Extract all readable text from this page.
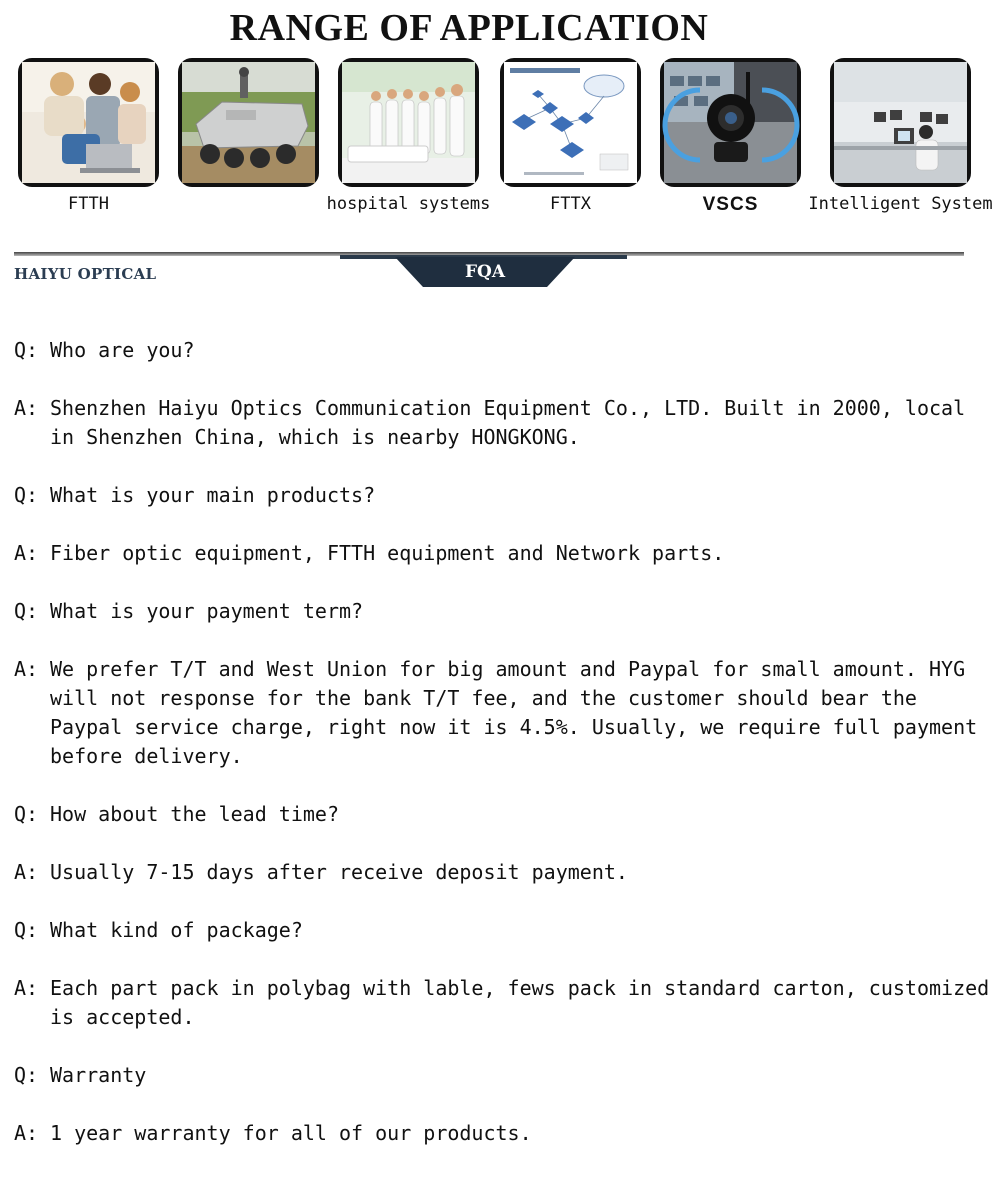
RANGE OF APPLICATION
FTTH	hospital systems	FTTX	VSCS	Intelligent System
HAIYU OPTICAL	FQA
Q: Who are you?
A: Shenzhen Haiyu Optics Communication Equipment Co., LTD. Built in 2000, local in Shenzhen China, which is nearby HONGKONG.
Q: What is your main products?
A: Fiber optic equipment, FTTH equipment and Network parts.
Q: What is your payment term?
A: We prefer T/T and West Union for big amount and Paypal for small amount. HYG will not response for the bank T/T fee, and the customer should bear the Paypal service charge, right now it is 4.5%. Usually, we require full payment before delivery.
Q: How about the lead time?
A: Usually 7-15 days after receive deposit payment.
Q: What kind of package?
A: Each part pack in polybag with lable, fews pack in standard carton, customized is accepted.
Q: Warranty
A: 1 year warranty for all of our products.
